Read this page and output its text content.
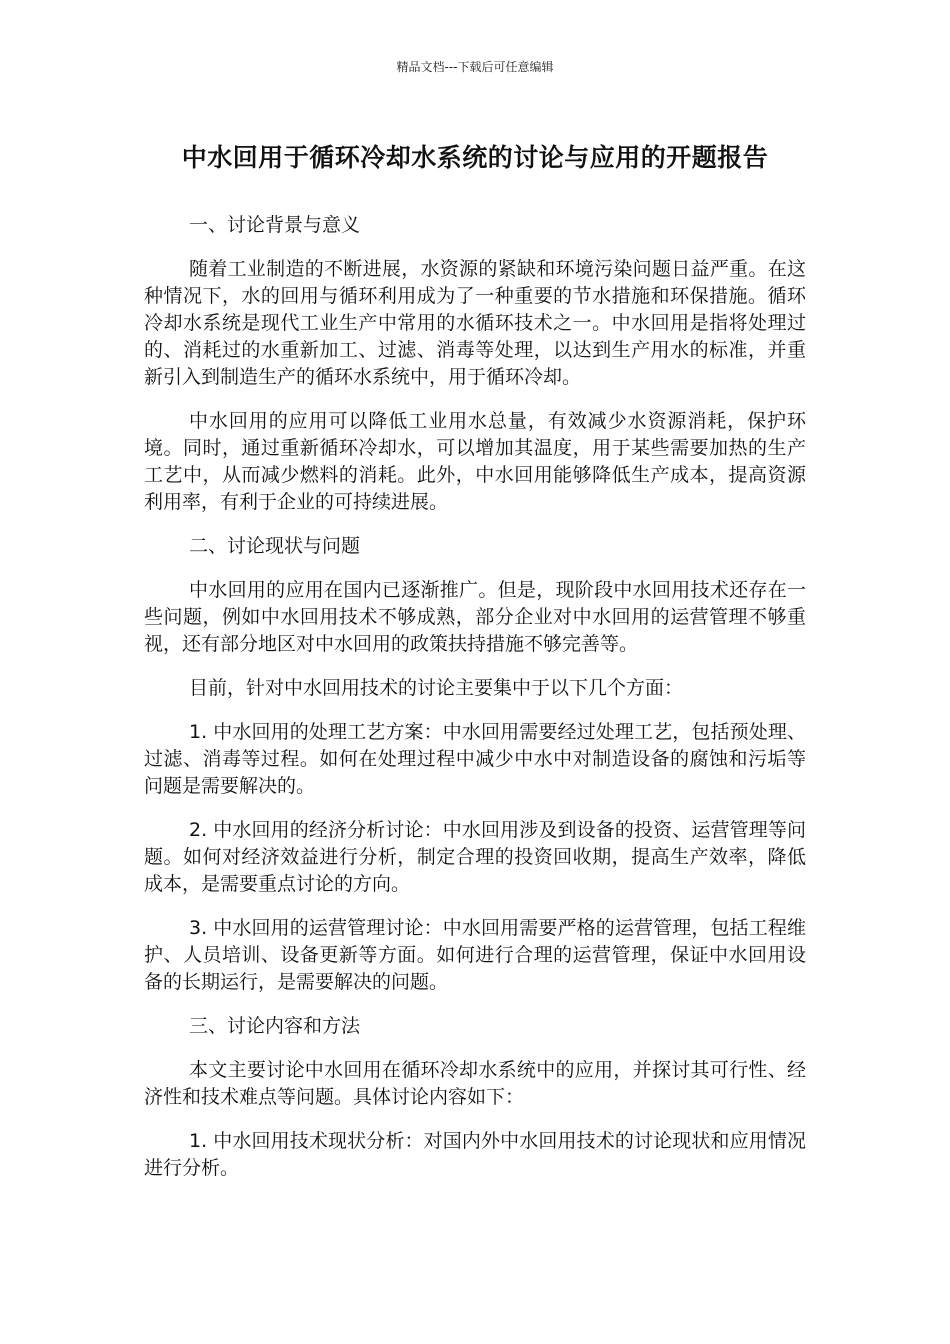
精品文档---下载后可任意编辑
中水回用于循环冷却水系统的讨论与应用的开题报告

一、讨论背景与意义

随着工业制造的不断进展，水资源的紧缺和环境污染问题日益严重。在这种情况下，水的回用与循环利用成为了一种重要的节水措施和环保措施。循环冷却水系统是现代工业生产中常用的水循环技术之一。中水回用是指将处理过的、消耗过的水重新加工、过滤、消毒等处理，以达到生产用水的标准，并重新引入到制造生产的循环水系统中，用于循环冷却。

中水回用的应用可以降低工业用水总量，有效减少水资源消耗，保护环境。同时，通过重新循环冷却水，可以增加其温度，用于某些需要加热的生产工艺中，从而减少燃料的消耗。此外，中水回用能够降低生产成本，提高资源利用率，有利于企业的可持续进展。

二、讨论现状与问题

中水回用的应用在国内已逐渐推广。但是，现阶段中水回用技术还存在一些问题，例如中水回用技术不够成熟，部分企业对中水回用的运营管理不够重视，还有部分地区对中水回用的政策扶持措施不够完善等。

目前，针对中水回用技术的讨论主要集中于以下几个方面：

1. 中水回用的处理工艺方案：中水回用需要经过处理工艺，包括预处理、过滤、消毒等过程。如何在处理过程中减少中水中对制造设备的腐蚀和污垢等问题是需要解决的。

2. 中水回用的经济分析讨论：中水回用涉及到设备的投资、运营管理等问题。如何对经济效益进行分析，制定合理的投资回收期，提高生产效率，降低成本，是需要重点讨论的方向。

3. 中水回用的运营管理讨论：中水回用需要严格的运营管理，包括工程维护、人员培训、设备更新等方面。如何进行合理的运营管理，保证中水回用设备的长期运行，是需要解决的问题。

三、讨论内容和方法

本文主要讨论中水回用在循环冷却水系统中的应用，并探讨其可行性、经济性和技术难点等问题。具体讨论内容如下：

1. 中水回用技术现状分析：对国内外中水回用技术的讨论现状和应用情况进行分析。
